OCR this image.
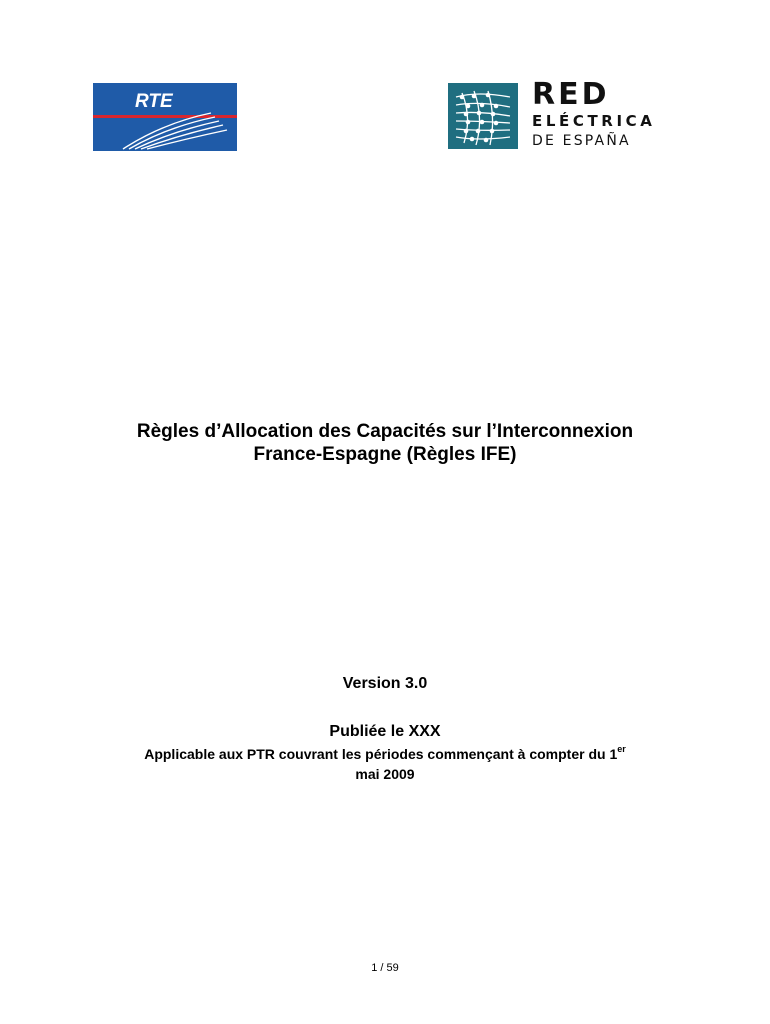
RTE	RED
ELÉCTRICA
DE ESPAÑA
Règles d’Allocation des Capacités sur l’Interconnexion
France-Espagne (Règles IFE)
Version 3.0
Publiée le XXX
Applicable aux PTR couvrant les périodes commençant à compter du 1er
mai 2009
1 / 59
